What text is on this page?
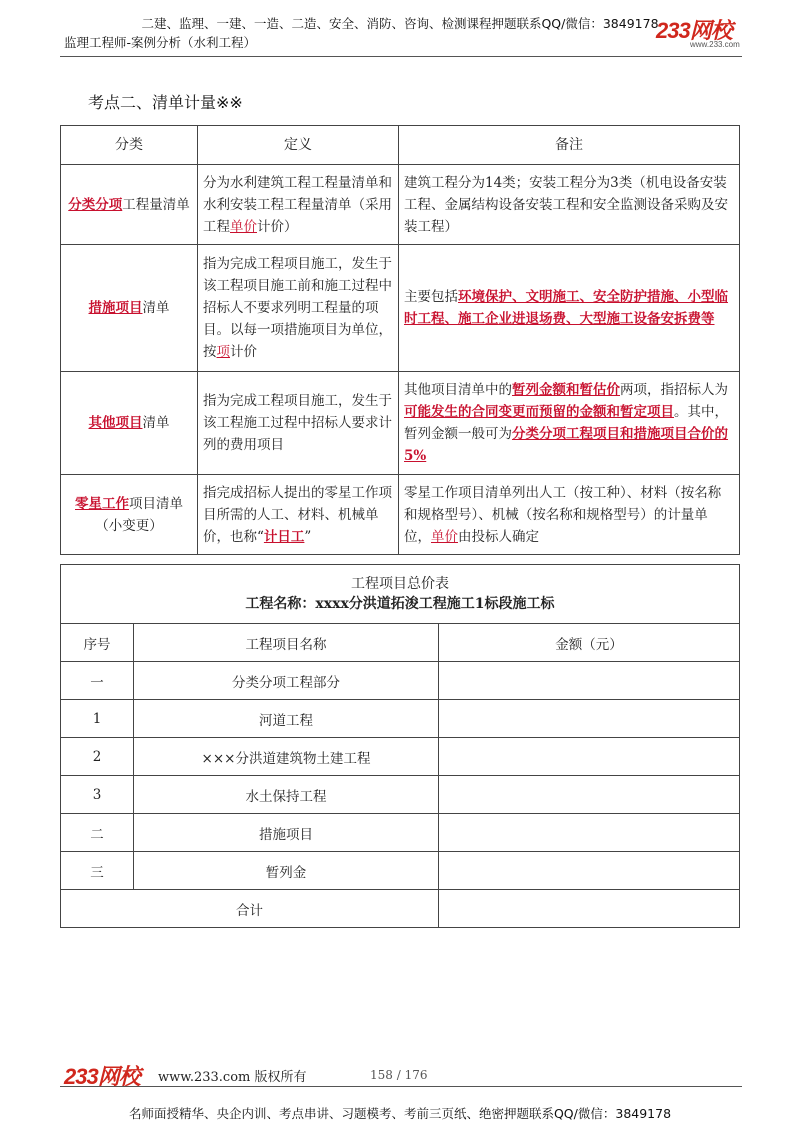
二建、监理、一建、一造、二造、安全、消防、咨询、检测课程押题联系QQ/微信：3849178
监理工程师-案例分析（水利工程）	233网校
www.233.com
考点二、清单计量※※
分类	定义	备注
分类分项工程量清单	分为水利建筑工程工程量清单和水利安装工程工程量清单（采用工程单价计价）	建筑工程分为14类；安装工程分为3类（机电设备安装工程、金属结构设备安装工程和安全监测设备采购及安装工程）
措施项目清单	指为完成工程项目施工，发生于该工程项目施工前和施工过程中招标人不要求列明工程量的项目。以每一项措施项目为单位，按项计价	主要包括环境保护、文明施工、安全防护措施、小型临时工程、施工企业进退场费、大型施工设备安拆费等
其他项目清单	指为完成工程项目施工，发生于该工程施工过程中招标人要求计列的费用项目	其他项目清单中的暂列金额和暂估价两项，指招标人为可能发生的合同变更而预留的金额和暂定项目。其中，暂列金额一般可为分类分项工程项目和措施项目合价的5%
零星工作项目清单（小变更）	指完成招标人提出的零星工作项目所需的人工、材料、机械单价，也称“计日工”	零星工作项目清单列出人工（按工种）、材料（按名称和规格型号）、机械（按名称和规格型号）的计量单位，单价由投标人确定
工程项目总价表
工程名称：xxxx分洪道拓浚工程施工1标段施工标		

序号	工程项目名称	金额（元）
一	分类分项工程部分	
1	河道工程	
2	×××分洪道建筑物土建工程	
3	水土保持工程	
二	措施项目	
三	暂列金	
合计		
233网校 www.233.com 版权所有	158 / 176
名师面授精华、央企内训、考点串讲、习题模考、考前三页纸、绝密押题联系QQ/微信：3849178
